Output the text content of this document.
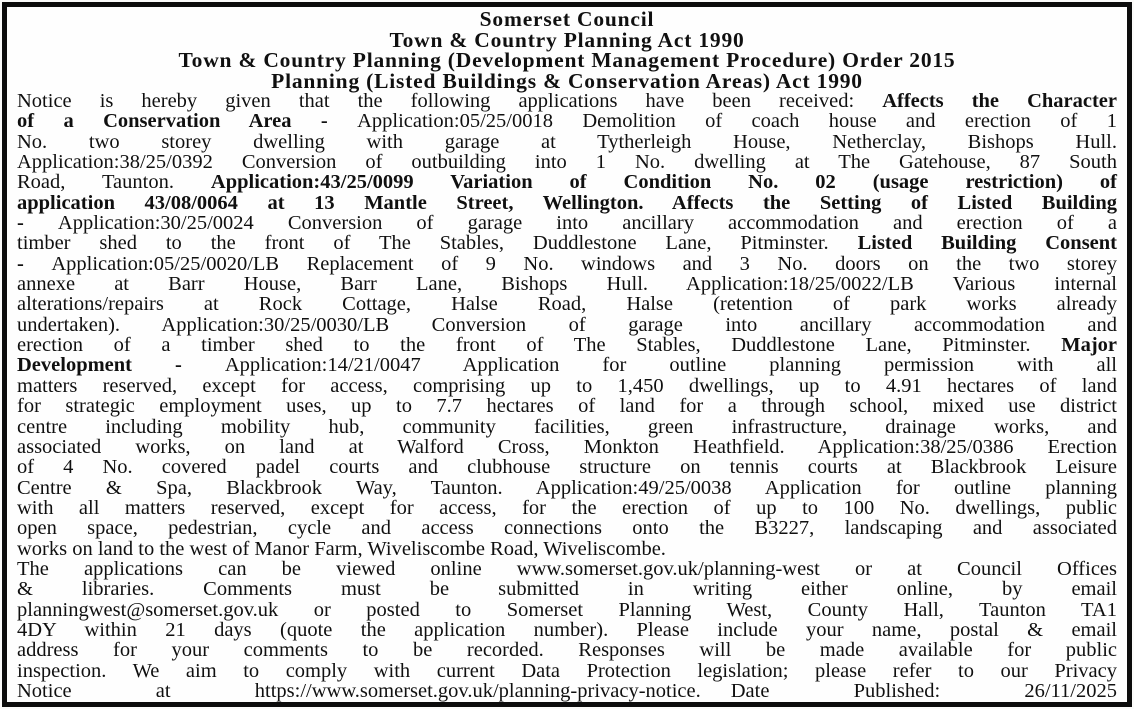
Somerset Council
Town & Country Planning Act 1990
Town & Country Planning (Development Management Procedure) Order 2015
Planning (Listed Buildings & Conservation Areas) Act 1990
Notice is hereby given that the following applications have been received: Affects the Character
of a Conservation Area - Application:05/25/0018 Demolition of coach house and erection of 1
No. two storey dwelling with garage at Tytherleigh House, Netherclay, Bishops Hull.
Application:38/25/0392 Conversion of outbuilding into 1 No. dwelling at The Gatehouse, 87 South
Road, Taunton. Application:43/25/0099 Variation of Condition No. 02 (usage restriction) of
application 43/08/0064 at 13 Mantle Street, Wellington. Affects the Setting of Listed Building
- Application:30/25/0024 Conversion of garage into ancillary accommodation and erection of a
timber shed to the front of The Stables, Duddlestone Lane, Pitminster. Listed Building Consent
- Application:05/25/0020/LB Replacement of 9 No. windows and 3 No. doors on the two storey
annexe at Barr House, Barr Lane, Bishops Hull. Application:18/25/0022/LB Various internal
alterations/repairs at Rock Cottage, Halse Road, Halse (retention of park works already
undertaken). Application:30/25/0030/LB Conversion of garage into ancillary accommodation and
erection of a timber shed to the front of The Stables, Duddlestone Lane, Pitminster. Major
Development - Application:14/21/0047 Application for outline planning permission with all
matters reserved, except for access, comprising up to 1,450 dwellings, up to 4.91 hectares of land
for strategic employment uses, up to 7.7 hectares of land for a through school, mixed use district
centre including mobility hub, community facilities, green infrastructure, drainage works, and
associated works, on land at Walford Cross, Monkton Heathfield. Application:38/25/0386 Erection
of 4 No. covered padel courts and clubhouse structure on tennis courts at Blackbrook Leisure
Centre & Spa, Blackbrook Way, Taunton. Application:49/25/0038 Application for outline planning
with all matters reserved, except for access, for the erection of up to 100 No. dwellings, public
open space, pedestrian, cycle and access connections onto the B3227, landscaping and associated
works on land to the west of Manor Farm, Wiveliscombe Road, Wiveliscombe.
The applications can be viewed online www.somerset.gov.uk/planning-west or at Council Offices
& libraries. Comments must be submitted in writing either online, by email
planningwest@somerset.gov.uk or posted to Somerset Planning West, County Hall, Taunton TA1
4DY within 21 days (quote the application number). Please include your name, postal & email
address for your comments to be recorded. Responses will be made available for public
inspection. We aim to comply with current Data Protection legislation; please refer to our Privacy
Notice at https://www.somerset.gov.uk/planning-privacy-notice. Date Published: 26/11/2025
